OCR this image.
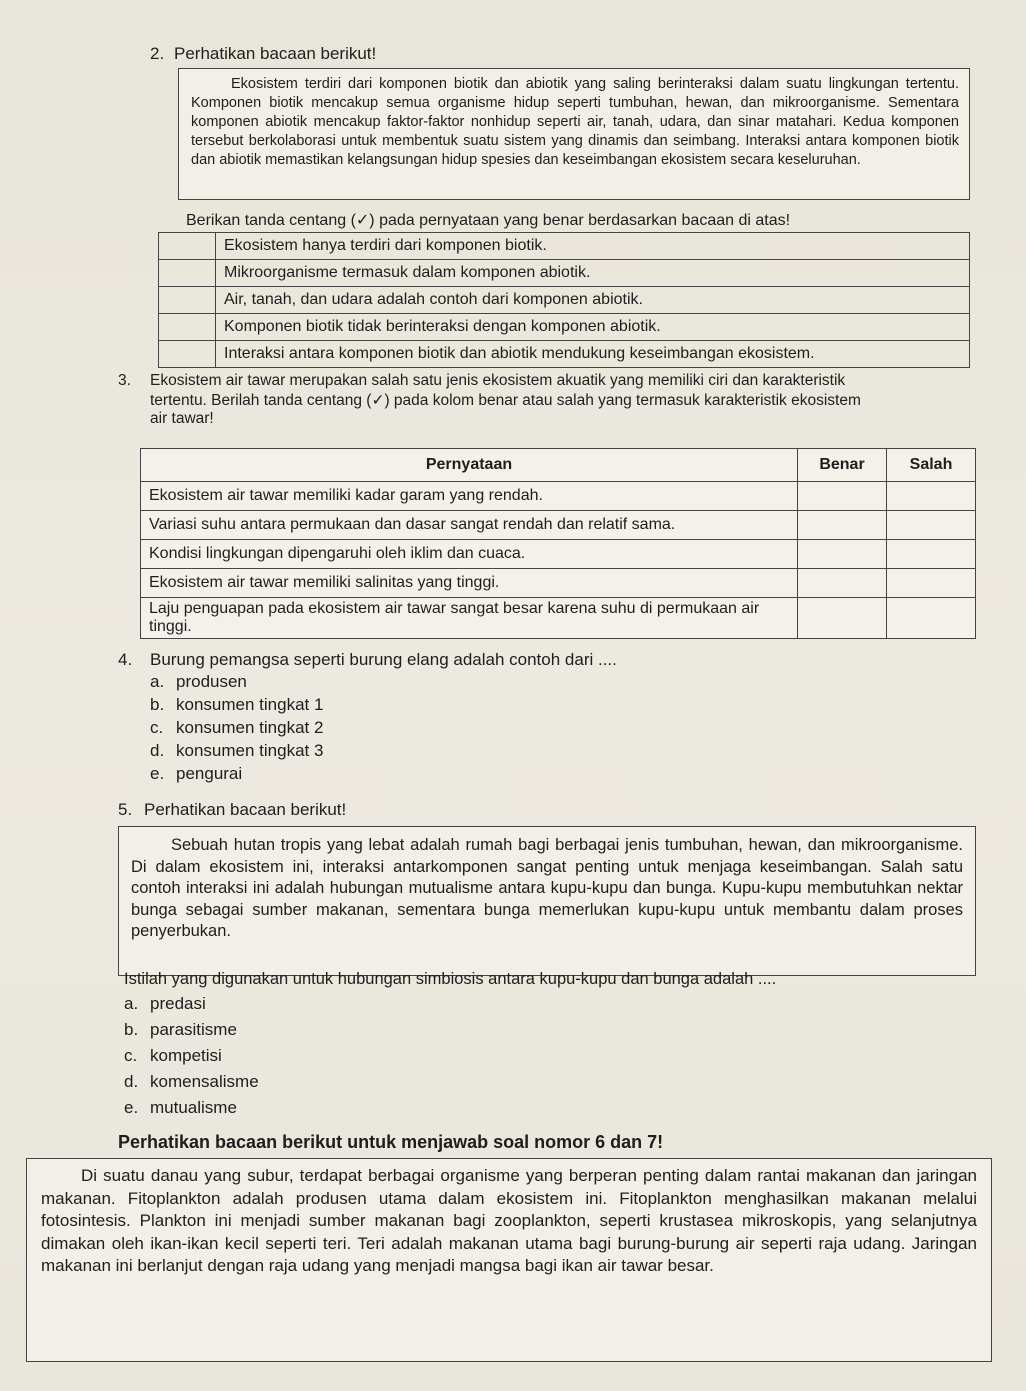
2. Perhatikan bacaan berikut!

Ekosistem terdiri dari komponen biotik dan abiotik yang saling berinteraksi dalam suatu lingkungan tertentu. Komponen biotik mencakup semua organisme hidup seperti tumbuhan, hewan, dan mikroorganisme. Sementara komponen abiotik mencakup faktor-faktor nonhidup seperti air, tanah, udara, dan sinar matahari. Kedua komponen tersebut berkolaborasi untuk membentuk suatu sistem yang dinamis dan seimbang. Interaksi antara komponen biotik dan abiotik memastikan kelangsungan hidup spesies dan keseimbangan ekosistem secara keseluruhan.

Berikan tanda centang (✓) pada pernyataan yang benar berdasarkan bacaan di atas!
	Ekosistem hanya terdiri dari komponen biotik.
	Mikroorganisme termasuk dalam komponen abiotik.
	Air, tanah, dan udara adalah contoh dari komponen abiotik.
	Komponen biotik tidak berinteraksi dengan komponen abiotik.
	Interaksi antara komponen biotik dan abiotik mendukung keseimbangan ekosistem.
3. Ekosistem air tawar merupakan salah satu jenis ekosistem akuatik yang memiliki ciri dan karakteristik
tertentu. Berilah tanda centang (✓) pada kolom benar atau salah yang termasuk karakteristik ekosistem
air tawar!
Pernyataan	Benar	Salah
Ekosistem air tawar memiliki kadar garam yang rendah.		
Variasi suhu antara permukaan dan dasar sangat rendah dan relatif sama.		
Kondisi lingkungan dipengaruhi oleh iklim dan cuaca.		
Ekosistem air tawar memiliki salinitas yang tinggi.		
Laju penguapan pada ekosistem air tawar sangat besar karena suhu di permukaan air tinggi.		
4. Burung pemangsa seperti burung elang adalah contoh dari ....
a. produsen
b. konsumen tingkat 1
c. konsumen tingkat 2
d. konsumen tingkat 3
e. pengurai
5. Perhatikan bacaan berikut!

Sebuah hutan tropis yang lebat adalah rumah bagi berbagai jenis tumbuhan, hewan, dan mikroorganisme. Di dalam ekosistem ini, interaksi antarkomponen sangat penting untuk menjaga keseimbangan. Salah satu contoh interaksi ini adalah hubungan mutualisme antara kupu-kupu dan bunga. Kupu-kupu membutuhkan nektar bunga sebagai sumber makanan, sementara bunga memerlukan kupu-kupu untuk membantu dalam proses penyerbukan.

Istilah yang digunakan untuk hubungan simbiosis antara kupu-kupu dan bunga adalah ....
a. predasi
b. parasitisme
c. kompetisi
d. komensalisme
e. mutualisme
Perhatikan bacaan berikut untuk menjawab soal nomor 6 dan 7!

Di suatu danau yang subur, terdapat berbagai organisme yang berperan penting dalam rantai makanan dan jaringan makanan. Fitoplankton adalah produsen utama dalam ekosistem ini. Fitoplankton menghasilkan makanan melalui fotosintesis. Plankton ini menjadi sumber makanan bagi zooplankton, seperti krustasea mikroskopis, yang selanjutnya dimakan oleh ikan-ikan kecil seperti teri. Teri adalah makanan utama bagi burung-burung air seperti raja udang. Jaringan makanan ini berlanjut dengan raja udang yang menjadi mangsa bagi ikan air tawar besar.
